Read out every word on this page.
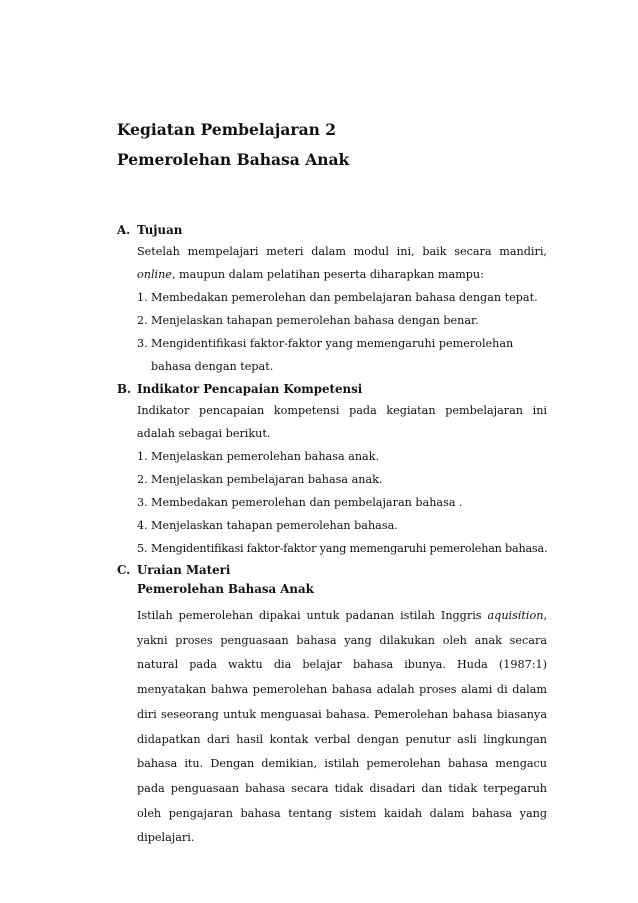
Kegiatan Pembelajaran 2
Pemerolehan Bahasa Anak
A. Tujuan
Setelah mempelajari meteri dalam modul ini, baik secara mandiri, online, maupun dalam pelatihan peserta diharapkan mampu:
1. Membedakan pemerolehan dan pembelajaran bahasa dengan tepat.
2. Menjelaskan tahapan pemerolehan bahasa dengan benar.
3. Mengidentifikasi faktor-faktor yang memengaruhi pemerolehan bahasa dengan tepat.
B. Indikator Pencapaian Kompetensi
Indikator pencapaian kompetensi pada kegiatan pembelajaran ini adalah sebagai berikut.
1. Menjelaskan pemerolehan bahasa anak.
2. Menjelaskan pembelajaran bahasa anak.
3. Membedakan pemerolehan dan pembelajaran bahasa .
4. Menjelaskan tahapan pemerolehan bahasa.
5. Mengidentifikasi faktor-faktor yang memengaruhi pemerolehan bahasa.
C. Uraian Materi
Pemerolehan Bahasa Anak
Istilah pemerolehan dipakai untuk padanan istilah Inggris aquisition, yakni proses penguasaan bahasa yang dilakukan oleh anak secara natural pada waktu dia belajar bahasa ibunya. Huda (1987:1) menyatakan bahwa pemerolehan bahasa adalah proses alami di dalam diri seseorang untuk menguasai bahasa. Pemerolehan bahasa biasanya didapatkan dari hasil kontak verbal dengan penutur asli lingkungan bahasa itu. Dengan demikian, istilah pemerolehan bahasa mengacu pada penguasaan bahasa secara tidak disadari dan tidak terpegaruh oleh pengajaran bahasa tentang sistem kaidah dalam bahasa yang dipelajari.
